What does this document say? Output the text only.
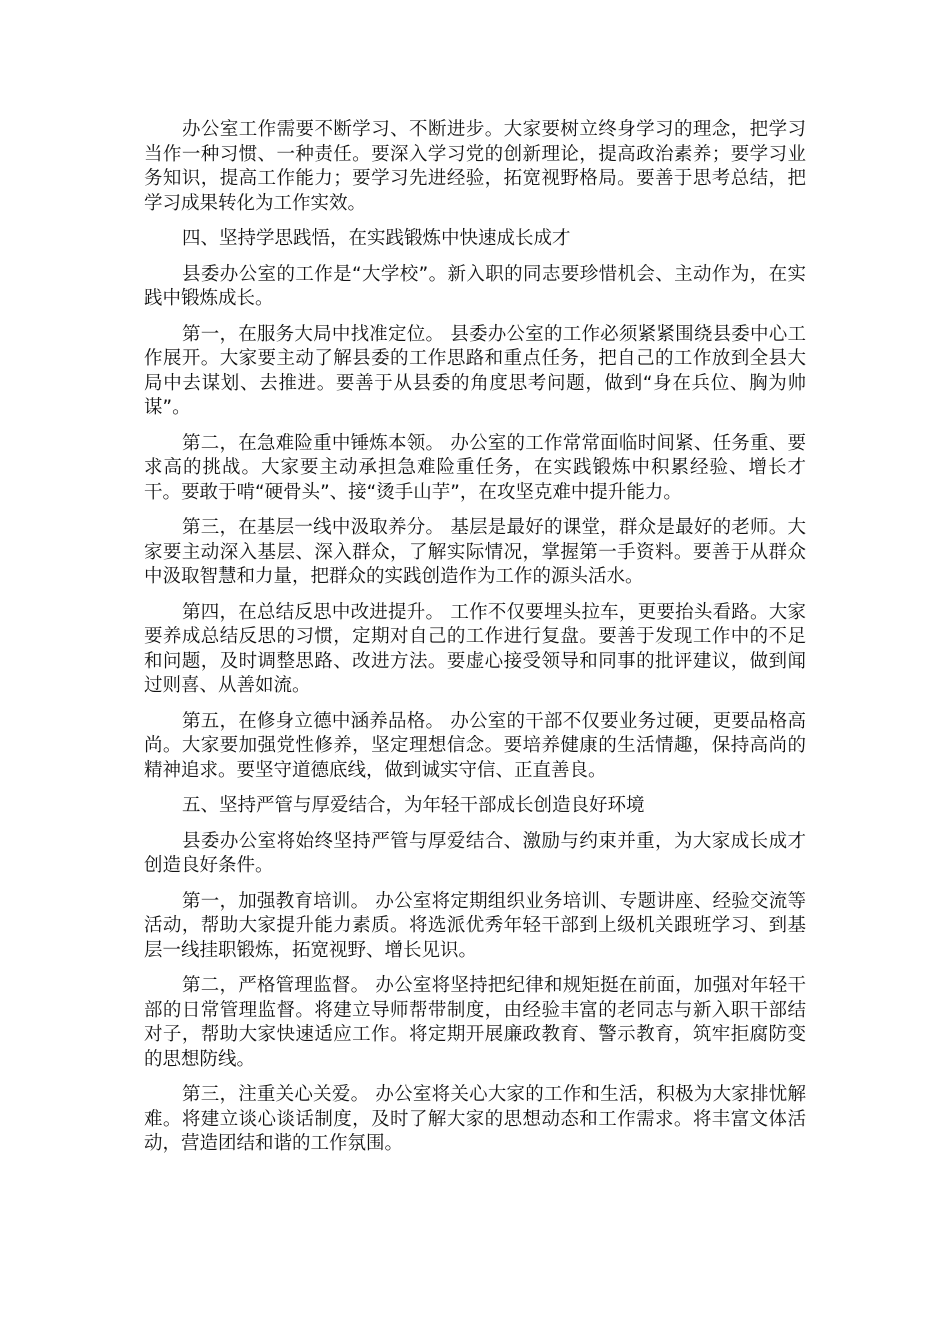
办公室工作需要不断学习、不断进步。大家要树立终身学习的理念，把学习当作一种习惯、一种责任。要深入学习党的创新理论，提高政治素养；要学习业务知识，提高工作能力；要学习先进经验，拓宽视野格局。要善于思考总结，把学习成果转化为工作实效。

四、坚持学思践悟，在实践锻炼中快速成长成才

县委办公室的工作是“大学校”。新入职的同志要珍惜机会、主动作为，在实践中锻炼成长。

第一，在服务大局中找准定位。 县委办公室的工作必须紧紧围绕县委中心工作展开。大家要主动了解县委的工作思路和重点任务，把自己的工作放到全县大局中去谋划、去推进。要善于从县委的角度思考问题，做到“身在兵位、胸为帅谋”。

第二，在急难险重中锤炼本领。 办公室的工作常常面临时间紧、任务重、要求高的挑战。大家要主动承担急难险重任务，在实践锻炼中积累经验、增长才干。要敢于啃“硬骨头”、接“烫手山芋”，在攻坚克难中提升能力。

第三，在基层一线中汲取养分。 基层是最好的课堂，群众是最好的老师。大家要主动深入基层、深入群众，了解实际情况，掌握第一手资料。要善于从群众中汲取智慧和力量，把群众的实践创造作为工作的源头活水。

第四，在总结反思中改进提升。 工作不仅要埋头拉车，更要抬头看路。大家要养成总结反思的习惯，定期对自己的工作进行复盘。要善于发现工作中的不足和问题，及时调整思路、改进方法。要虚心接受领导和同事的批评建议，做到闻过则喜、从善如流。

第五，在修身立德中涵养品格。 办公室的干部不仅要业务过硬，更要品格高尚。大家要加强党性修养，坚定理想信念。要培养健康的生活情趣，保持高尚的精神追求。要坚守道德底线，做到诚实守信、正直善良。

五、坚持严管与厚爱结合，为年轻干部成长创造良好环境

县委办公室将始终坚持严管与厚爱结合、激励与约束并重，为大家成长成才创造良好条件。

第一，加强教育培训。 办公室将定期组织业务培训、专题讲座、经验交流等活动，帮助大家提升能力素质。将选派优秀年轻干部到上级机关跟班学习、到基层一线挂职锻炼，拓宽视野、增长见识。

第二，严格管理监督。 办公室将坚持把纪律和规矩挺在前面，加强对年轻干部的日常管理监督。将建立导师帮带制度，由经验丰富的老同志与新入职干部结对子，帮助大家快速适应工作。将定期开展廉政教育、警示教育，筑牢拒腐防变的思想防线。

第三，注重关心关爱。 办公室将关心大家的工作和生活，积极为大家排忧解难。将建立谈心谈话制度，及时了解大家的思想动态和工作需求。将丰富文体活动，营造团结和谐的工作氛围。
